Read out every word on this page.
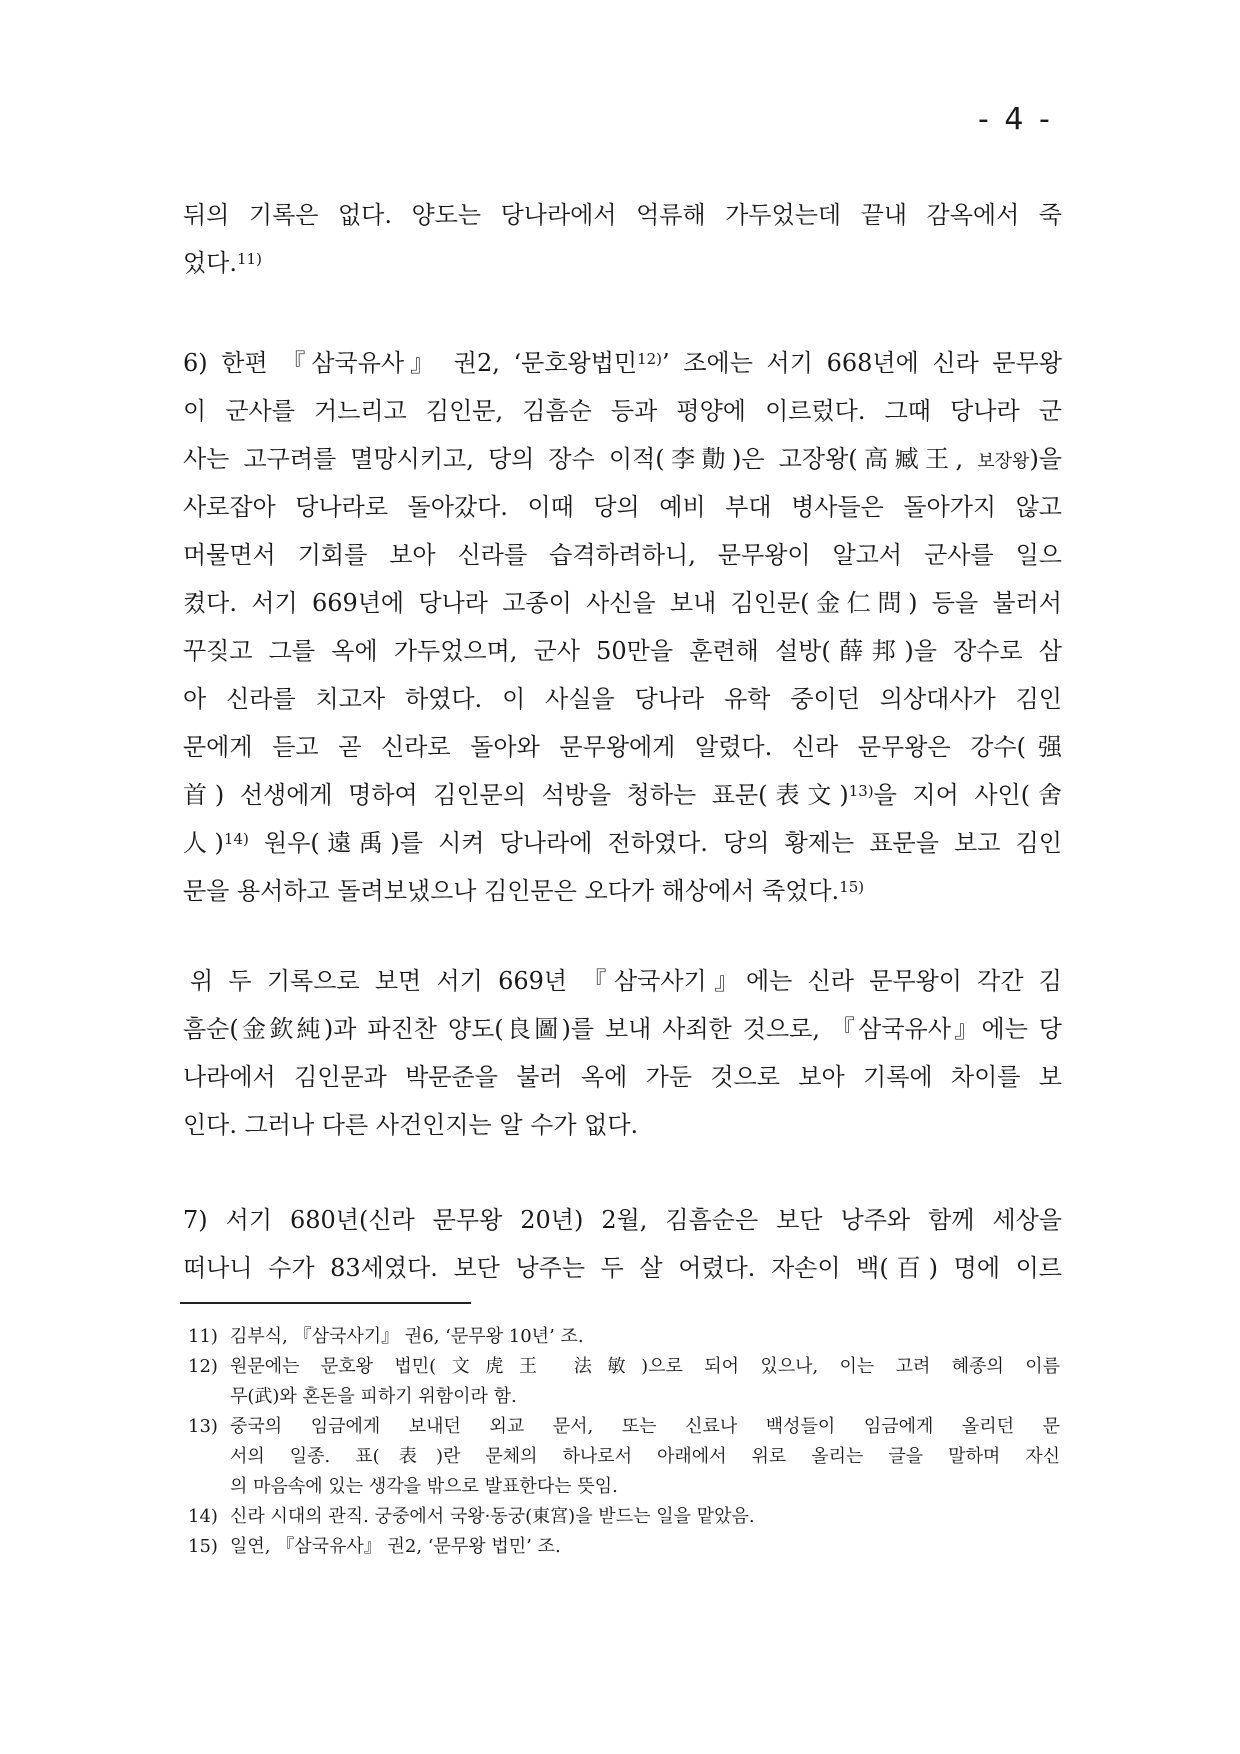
- 4 -
뒤의 기록은 없다. 양도는 당나라에서 억류해 가두었는데 끝내 감옥에서 죽
었다.$^{11)}$
6) 한편 『삼국유사』 권2, ‘문호왕법민$^{12)}$’ 조에는 서기 668년에 신라 문무왕
이 군사를 거느리고 김인문, 김흠순 등과 평양에 이르렀다. 그때 당나라 군
사는 고구려를 멸망시키고, 당의 장수 이적(李勣)은 고장왕(高臧王, 보장왕)을
사로잡아 당나라로 돌아갔다. 이때 당의 예비 부대 병사들은 돌아가지 않고
머물면서 기회를 보아 신라를 습격하려하니, 문무왕이 알고서 군사를 일으
켰다. 서기 669년에 당나라 고종이 사신을 보내 김인문(金仁問) 등을 불러서
꾸짖고 그를 옥에 가두었으며, 군사 50만을 훈련해 설방(薛邦)을 장수로 삼
아 신라를 치고자 하였다. 이 사실을 당나라 유학 중이던 의상대사가 김인
문에게 듣고 곧 신라로 돌아와 문무왕에게 알렸다. 신라 문무왕은 강수(强
首) 선생에게 명하여 김인문의 석방을 청하는 표문(表文)$^{13)}$을 지어 사인(舍
人)$^{14)}$ 원우(遠禹)를 시켜 당나라에 전하였다. 당의 황제는 표문을 보고 김인
문을 용서하고 돌려보냈으나 김인문은 오다가 해상에서 죽었다.$^{15)}$
위 두 기록으로 보면 서기 669년 『삼국사기』에는 신라 문무왕이 각간 김
흠순(金欽純)과 파진찬 양도(良圖)를 보내 사죄한 것으로, 『삼국유사』에는 당
나라에서 김인문과 박문준을 불러 옥에 가둔 것으로 보아 기록에 차이를 보
인다. 그러나 다른 사건인지는 알 수가 없다.
7) 서기 680년(신라 문무왕 20년) 2월, 김흠순은 보단 낭주와 함께 세상을
떠나니 수가 83세였다. 보단 낭주는 두 살 어렸다. 자손이 백(百) 명에 이르
11) 김부식, 『삼국사기』 권6, ‘문무왕 10년’ 조.
12) 원문에는 문호왕 법민(文虎王 法敏)으로 되어 있으나, 이는 고려 혜종의 이름
무(武)와 혼돈을 피하기 위함이라 함.
13) 중국의 임금에게 보내던 외교 문서, 또는 신료나 백성들이 임금에게 올리던 문
서의 일종. 표(表)란 문체의 하나로서 아래에서 위로 올리는 글을 말하며 자신
의 마음속에 있는 생각을 밖으로 발표한다는 뜻임.
14) 신라 시대의 관직. 궁중에서 국왕·동궁(東宮)을 받드는 일을 맡았음.
15) 일연, 『삼국유사』 권2, ‘문무왕 법민’ 조.
